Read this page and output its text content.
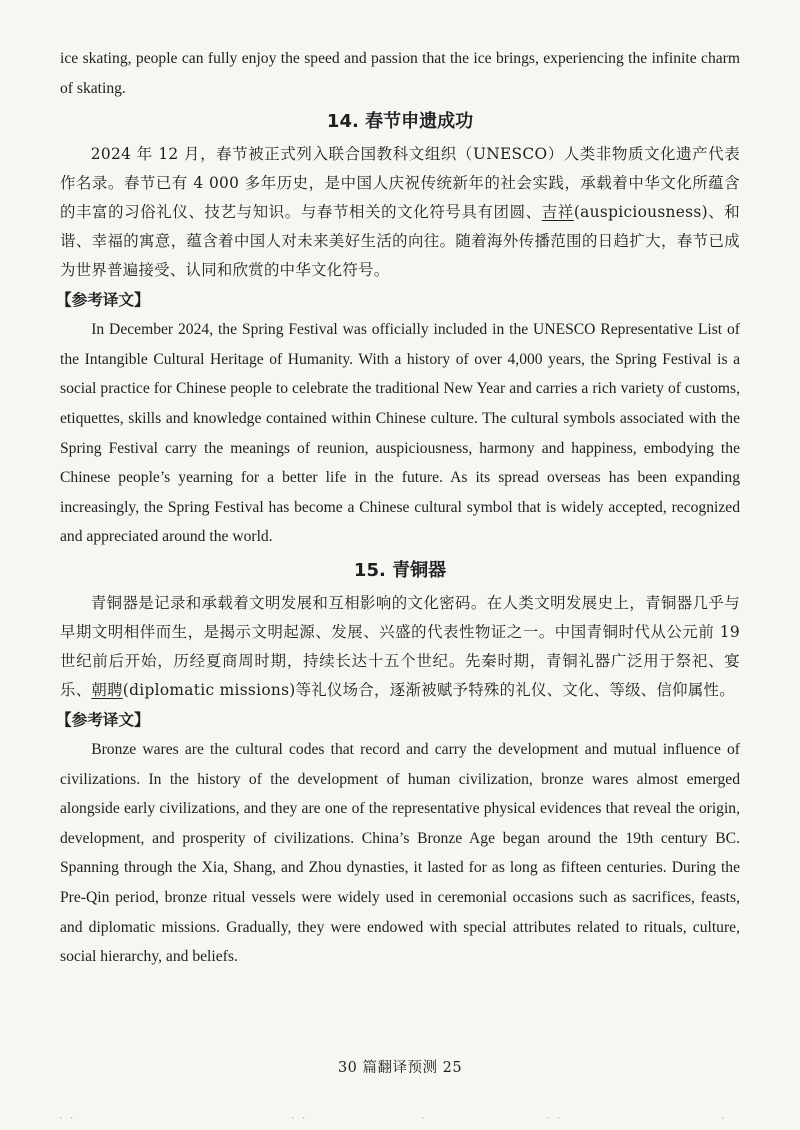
ice skating, people can fully enjoy the speed and passion that the ice brings, experiencing the infinite charm of skating.

14. 春节申遗成功

2024 年 12 月，春节被正式列入联合国教科文组织（UNESCO）人类非物质文化遗产代表作名录。春节已有 4 000 多年历史，是中国人庆祝传统新年的社会实践，承载着中华文化所蕴含的丰富的习俗礼仪、技艺与知识。与春节相关的文化符号具有团圆、吉祥(auspiciousness)、和谐、幸福的寓意，蕴含着中国人对未来美好生活的向往。随着海外传播范围的日趋扩大，春节已成为世界普遍接受、认同和欣赏的中华文化符号。

【参考译文】

In December 2024, the Spring Festival was officially included in the UNESCO Representative List of the Intangible Cultural Heritage of Humanity. With a history of over 4,000 years, the Spring Festival is a social practice for Chinese people to celebrate the traditional New Year and carries a rich variety of customs, etiquettes, skills and knowledge contained within Chinese culture. The cultural symbols associated with the Spring Festival carry the meanings of reunion, auspiciousness, harmony and happiness, embodying the Chinese people’s yearning for a better life in the future. As its spread overseas has been expanding increasingly, the Spring Festival has become a Chinese cultural symbol that is widely accepted, recognized and appreciated around the world.

15. 青铜器

青铜器是记录和承载着文明发展和互相影响的文化密码。在人类文明发展史上，青铜器几乎与早期文明相伴而生，是揭示文明起源、发展、兴盛的代表性物证之一。中国青铜时代从公元前 19 世纪前后开始，历经夏商周时期，持续长达十五个世纪。先秦时期，青铜礼器广泛用于祭祀、宴乐、朝聘(diplomatic missions)等礼仪场合，逐渐被赋予特殊的礼仪、文化、等级、信仰属性。

【参考译文】

Bronze wares are the cultural codes that record and carry the development and mutual influence of civilizations. In the history of the development of human civilization, bronze wares almost emerged alongside early civilizations, and they are one of the representative physical evidences that reveal the origin, development, and prosperity of civilizations. China’s Bronze Age began around the 19th century BC. Spanning through the Xia, Shang, and Zhou dynasties, it lasted for as long as fifteen centuries. During the Pre-Qin period, bronze ritual vessels were widely used in ceremonial occasions such as sacrifices, feasts, and diplomatic missions. Gradually, they were endowed with special attributes related to rituals, culture, social hierarchy, and beliefs.

30 篇翻译预测 25
· ·	· ·	·	· ·	·
